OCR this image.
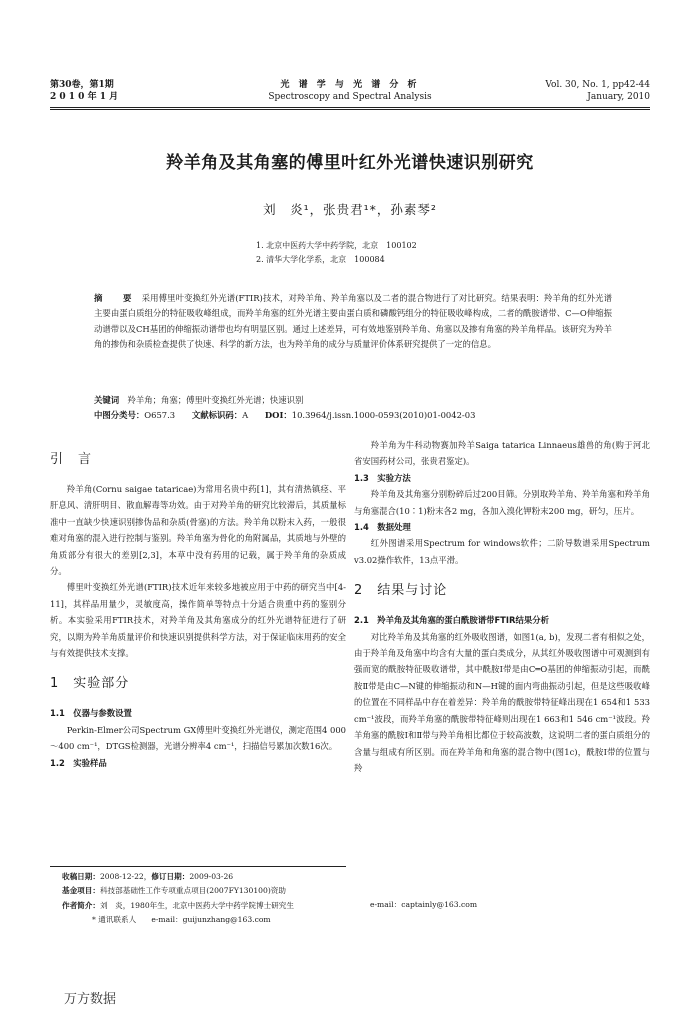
第30卷，第1期
2 0 1 0 年 1 月
光 谱 学 与 光 谱 分 析
Spectroscopy and Spectral Analysis
Vol. 30, No. 1, pp42-44
January, 2010
羚羊角及其角塞的傅里叶红外光谱快速识别研究
刘　炎¹，张贵君¹*，孙素琴²
1. 北京中医药大学中药学院，北京　100102
2. 清华大学化学系，北京　100084
摘　要 采用傅里叶变换红外光谱(FTIR)技术，对羚羊角、羚羊角塞以及二者的混合物进行了对比研究。结果表明：羚羊角的红外光谱主要由蛋白质组分的特征吸收峰组成，而羚羊角塞的红外光谱主要由蛋白质和磷酸钙组分的特征吸收峰构成，二者的酰胺谱带、C—O伸缩振动谱带以及CH基团的伸缩振动谱带也均有明显区别。通过上述差异，可有效地鉴别羚羊角、角塞以及掺有角塞的羚羊角样品。该研究为羚羊角的掺伪和杂质检查提供了快速、科学的新方法，也为羚羊角的成分与质量评价体系研究提供了一定的信息。
关键词　 羚羊角；角塞；傅里叶变换红外光谱；快速识别
中图分类号：O657.3　　 文献标识码：A　　 DOI：10.3964/j.issn.1000-0593(2010)01-0042-03
引　言

羚羊角(Cornu saigae tataricae)为常用名贵中药[1]，其有清热镇痉、平肝息风、清肝明目、散血解毒等功效。由于对羚羊角的研究比较滞后，其质量标准中一直缺少快速识别掺伪品和杂质(骨塞)的方法。羚羊角以粉末入药，一般很难对角塞的混入进行控制与鉴别。羚羊角塞为骨化的角附属品，其质地与外壁的角质部分有很大的差别[2,3]，本草中没有药用的记载，属于羚羊角的杂质成分。

傅里叶变换红外光谱(FTIR)技术近年来较多地被应用于中药的研究当中[4-11]，其样品用量少，灵敏度高，操作简单等特点十分适合贵重中药的鉴别分析。本实验采用FTIR技术，对羚羊角及其角塞成分的红外光谱特征进行了研究，以期为羚羊角质量评价和快速识别提供科学方法，对于保证临床用药的安全与有效提供技术支撑。

1　实验部分
1.1　仪器与参数设置

Perkin-Elmer公司Spectrum GX傅里叶变换红外光谱仪，测定范围4 000～400 cm⁻¹，DTGS检测器，光谱分辨率4 cm⁻¹，扫描信号累加次数16次。

1.2　实验样品

羚羊角为牛科动物赛加羚羊Saiga tatarica Linnaeus雄兽的角(购于河北省安国药材公司，张贵君鉴定)。

1.3　实验方法

羚羊角及其角塞分别粉碎后过200目筛。分别取羚羊角、羚羊角塞和羚羊角与角塞混合(10∶1)粉末各2 mg，各加入溴化钾粉末200 mg，研匀，压片。

1.4　数据处理

红外图谱采用Spectrum for windows软件；二阶导数谱采用Spectrum v3.02操作软件，13点平滑。

2　结果与讨论
2.1　羚羊角及其角塞的蛋白酰胺谱带FTIR结果分析

对比羚羊角及其角塞的红外吸收图谱，如图1(a, b)，发现二者有相似之处，由于羚羊角及角塞中均含有大量的蛋白类成分，从其红外吸收图谱中可观测到有强而宽的酰胺特征吸收谱带，其中酰胺Ⅰ带是由C═O基团的伸缩振动引起，而酰胺Ⅱ带是由C—N键的伸缩振动和N—H键的面内弯曲振动引起，但是这些吸收峰的位置在不同样品中存在着差异：羚羊角的酰胺带特征峰出现在1 654和1 533 cm⁻¹波段，而羚羊角塞的酰胺带特征峰则出现在1 663和1 546 cm⁻¹波段。羚羊角塞的酰胺Ⅰ和Ⅱ带与羚羊角相比都位于较高波数，这说明二者的蛋白质组分的含量与组成有所区别。而在羚羊角和角塞的混合物中(图1c)，酰胺Ⅰ带的位置与羚

收稿日期：2008-12-22，修订日期：2009-03-26
基金项目：科技部基础性工作专项重点项目(2007FY130100)资助
作者简介：刘　炎，1980年生，北京中医药大学中药学院博士研究生	e-mail：captainly@163.com
* 通讯联系人　　e-mail：guijunzhang@163.com
万方数据
